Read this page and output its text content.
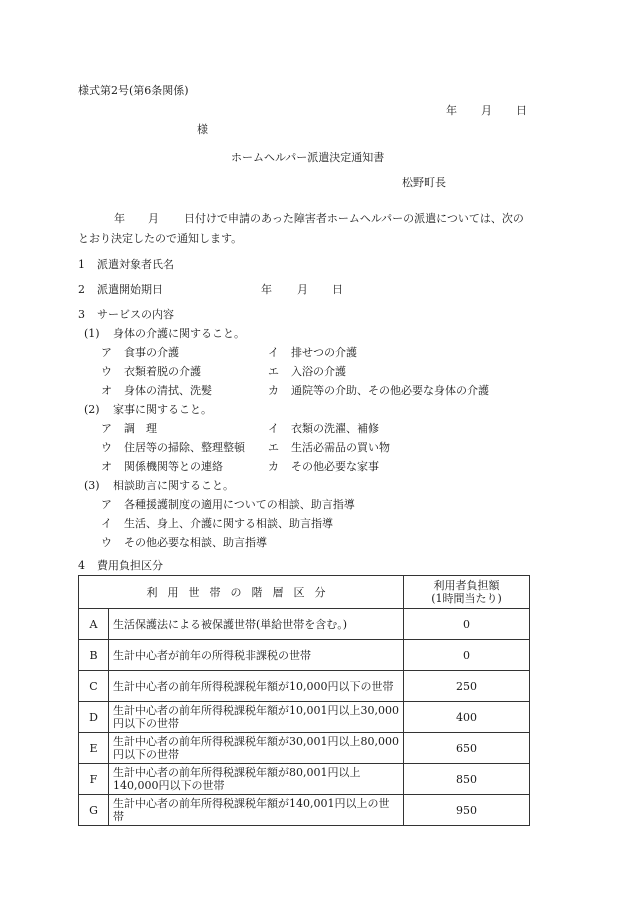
様式第2号(第6条関係)
年 月 日
様
ホームヘルパー派遣決定通知書
松野町長
年 月 日付けで申請のあった障害者ホームヘルパーの派遣については、次の
とおり決定したので通知します。
1 派遣対象者氏名
2 派遣開始期日	年 月 日
3 サービスの内容
(1) 身体の介護に関すること。
ア 食事の介護	イ 排せつの介護
ウ 衣類着脱の介護	エ 入浴の介護
オ 身体の清拭、洗髪	カ 通院等の介助、その他必要な身体の介護
(2) 家事に関すること。
ア 調　理	イ 衣類の洗濯、補修
ウ 住居等の掃除、整理整頓 エ 生活必需品の買い物
オ 関係機関等との連絡	カ その他必要な家事
(3) 相談助言に関すること。
ア 各種援護制度の適用についての相談、助言指導
イ 生活、身上、介護に関する相談、助言指導
ウ その他必要な相談、助言指導
4 費用負担区分
利用世帯の階層区分		利用者負担額
(1時間当たり)

A	生活保護法による被保護世帯(単給世帯を含む。)	0
B	生計中心者が前年の所得税非課税の世帯	0
C	生計中心者の前年所得税課税年額が10,000円以下の世帯	250
D	生計中心者の前年所得税課税年額が10,001円以上30,000円以下の世帯	400
E	生計中心者の前年所得税課税年額が30,001円以上80,000円以下の世帯	650
F	生計中心者の前年所得税課税年額が80,001円以上140,000円以下の世帯	850
G	生計中心者の前年所得税課税年額が140,001円以上の世帯	950
